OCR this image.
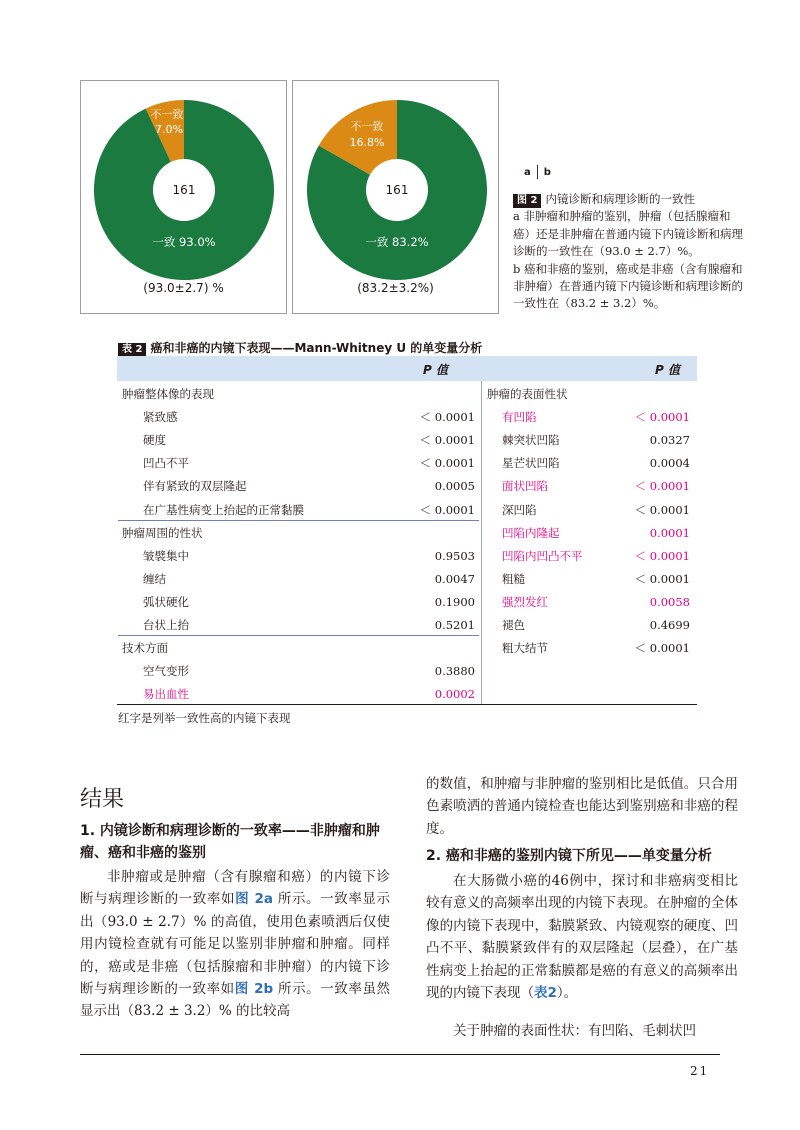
161
不一致
7.0%
一致 93.0%
(93.0±2.7) %
161
不一致
16.8%
一致 83.2%
(83.2±3.2%)
a b

图 2 内镜诊断和病理诊断的一致性

a 非肿瘤和肿瘤的鉴别，肿瘤（包括腺瘤和癌）还是非肿瘤在普通内镜下内镜诊断和病理诊断的一致性在（93.0 ± 2.7）%。

b 癌和非癌的鉴别，癌或是非癌（含有腺瘤和非肿瘤）在普通内镜下内镜诊断和病理诊断的一致性在（83.2 ± 3.2）%。

表 2 癌和非癌的内镜下表现——Mann-Whitney U 的单变量分析
P 值	P 值
肿瘤整体像的表现
紧致感	＜ 0.0001
硬度	＜ 0.0001
凹凸不平	＜ 0.0001
伴有紧致的双层隆起	0.0005
在广基性病变上抬起的正常黏膜	＜ 0.0001
肿瘤周围的性状
皱襞集中	0.9503
缠结	0.0047
弧状硬化	0.1900
台状上抬	0.5201
技术方面
空气变形	0.3880
易出血性	0.0002
肿瘤的表面性状
有凹陷	＜ 0.0001
棘突状凹陷	0.0327
星芒状凹陷	0.0004
面状凹陷	＜ 0.0001
深凹陷	＜ 0.0001
凹陷内隆起	0.0001
凹陷内凹凸不平	＜ 0.0001
粗糙	＜ 0.0001
强烈发红	0.0058
褪色	0.4699
粗大结节	＜ 0.0001
红字是列举一致性高的内镜下表现
结果
1. 内镜诊断和病理诊断的一致率——非肿瘤和肿瘤、癌和非癌的鉴别

非肿瘤或是肿瘤（含有腺瘤和癌）的内镜下诊断与病理诊断的一致率如图 2a 所示。一致率显示出（93.0 ± 2.7）% 的高值，使用色素喷洒后仅使用内镜检查就有可能足以鉴别非肿瘤和肿瘤。同样的，癌或是非癌（包括腺瘤和非肿瘤）的内镜下诊断与病理诊断的一致率如图 2b 所示。一致率虽然显示出（83.2 ± 3.2）% 的比较高

的数值，和肿瘤与非肿瘤的鉴别相比是低值。只合用色素喷洒的普通内镜检查也能达到鉴别癌和非癌的程度。
2. 癌和非癌的鉴别内镜下所见——单变量分析

在大肠微小癌的46例中，探讨和非癌病变相比较有意义的高频率出现的内镜下表现。在肿瘤的全体像的内镜下表现中，黏膜紧致、内镜观察的硬度、凹凸不平、黏膜紧致伴有的双层隆起（层叠），在广基性病变上抬起的正常黏膜都是癌的有意义的高频率出现的内镜下表现（表2）。

关于肿瘤的表面性状：有凹陷、毛刺状凹
21
